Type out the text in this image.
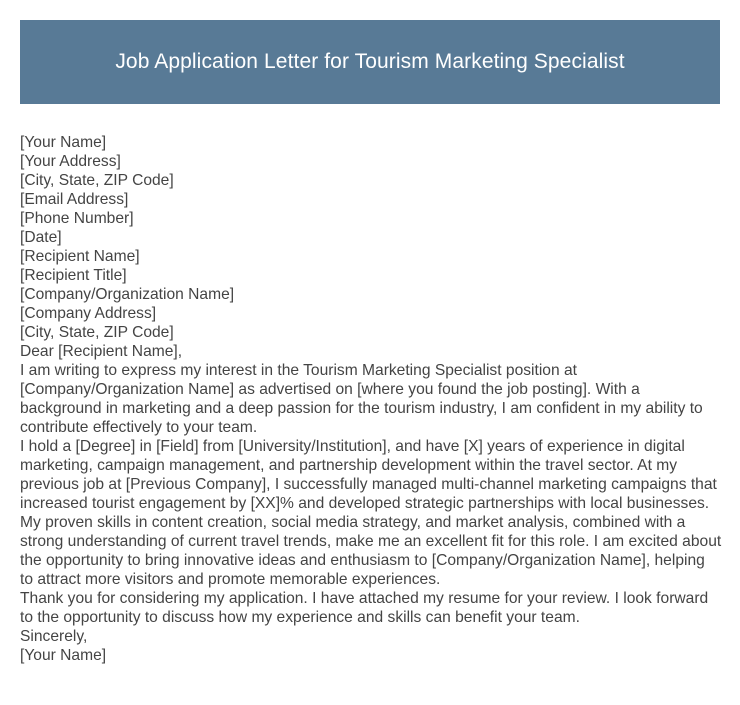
Job Application Letter for Tourism Marketing Specialist
[Your Name]
[Your Address]
[City, State, ZIP Code]
[Email Address]
[Phone Number]
[Date]
[Recipient Name]
[Recipient Title]
[Company/Organization Name]
[Company Address]
[City, State, ZIP Code]
Dear [Recipient Name],
I am writing to express my interest in the Tourism Marketing Specialist position at [Company/Organization Name] as advertised on [where you found the job posting]. With a background in marketing and a deep passion for the tourism industry, I am confident in my ability to contribute effectively to your team.
I hold a [Degree] in [Field] from [University/Institution], and have [X] years of experience in digital marketing, campaign management, and partnership development within the travel sector. At my previous job at [Previous Company], I successfully managed multi-channel marketing campaigns that increased tourist engagement by [XX]% and developed strategic partnerships with local businesses.
My proven skills in content creation, social media strategy, and market analysis, combined with a strong understanding of current travel trends, make me an excellent fit for this role. I am excited about the opportunity to bring innovative ideas and enthusiasm to [Company/Organization Name], helping to attract more visitors and promote memorable experiences.
Thank you for considering my application. I have attached my resume for your review. I look forward to the opportunity to discuss how my experience and skills can benefit your team.
Sincerely,
[Your Name]
